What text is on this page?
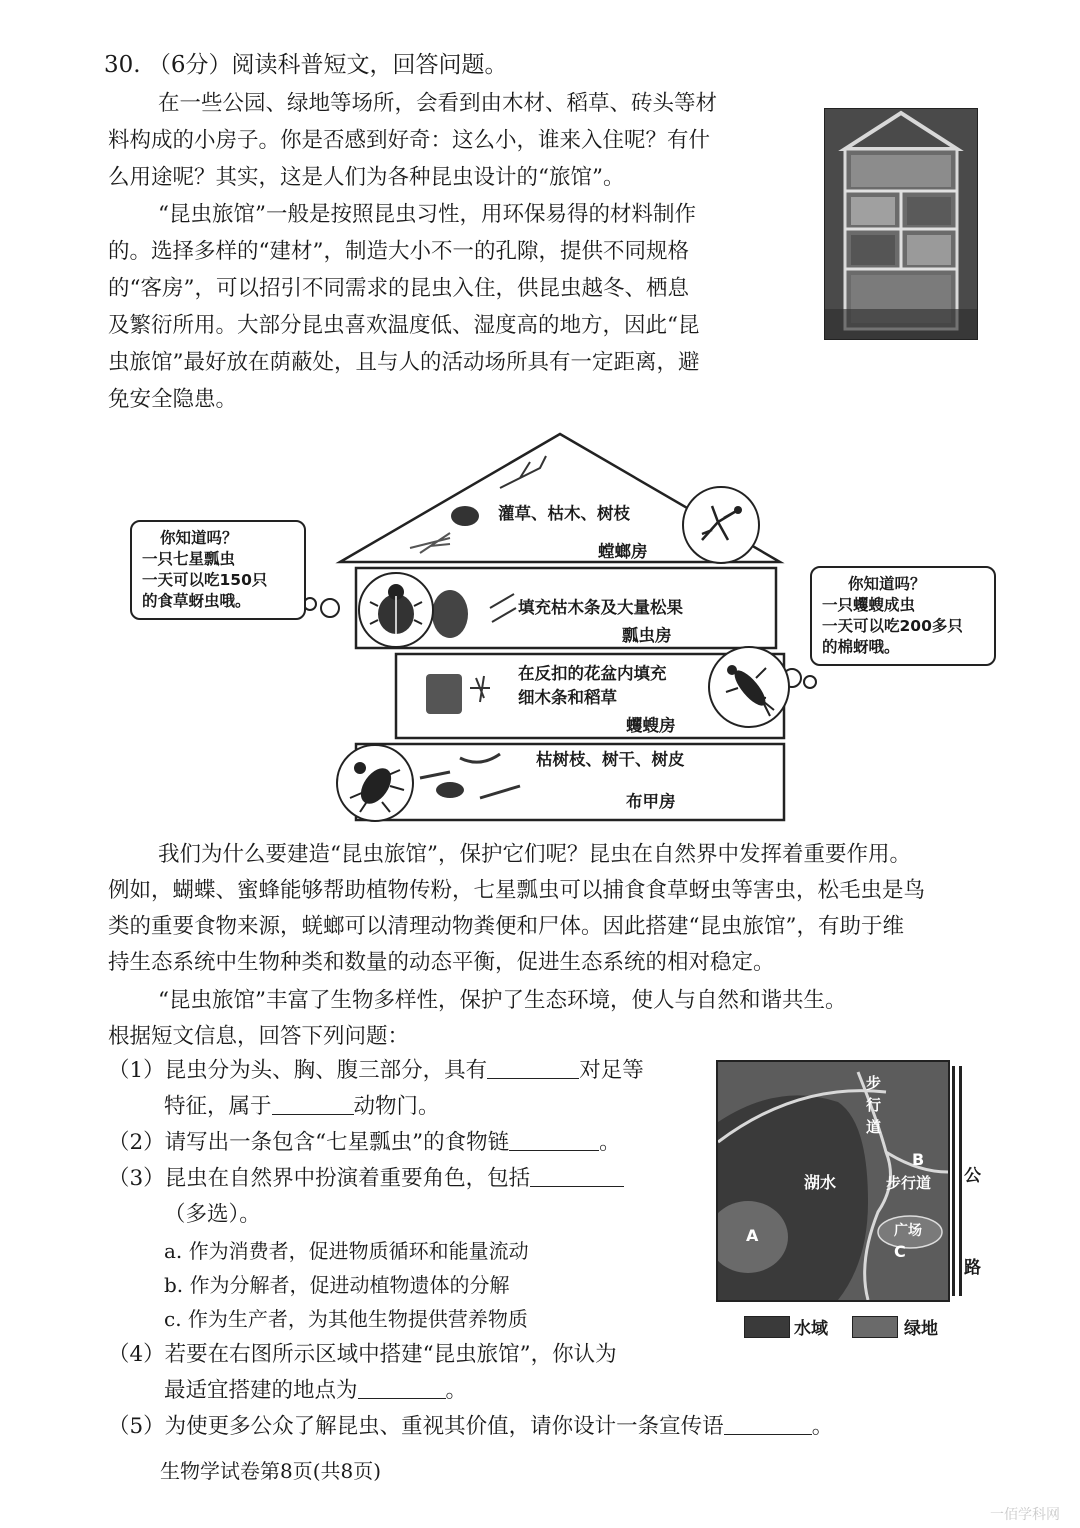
30. （6分）阅读科普短文，回答问题。
在一些公园、绿地等场所，会看到由木材、稻草、砖头等材
料构成的小房子。你是否感到好奇：这么小，谁来入住呢？有什
么用途呢？其实，这是人们为各种昆虫设计的“旅馆”。
“昆虫旅馆”一般是按照昆虫习性，用环保易得的材料制作
的。选择多样的“建材”，制造大小不一的孔隙，提供不同规格
的“客房”，可以招引不同需求的昆虫入住，供昆虫越冬、栖息
及繁衍所用。大部分昆虫喜欢温度低、湿度高的地方，因此“昆
虫旅馆”最好放在荫蔽处，且与人的活动场所具有一定距离，避
免安全隐患。
灌草、枯木、树枝
螳螂房
填充枯木条及大量松果
瓢虫房
在反扣的花盆内填充
细木条和稻草
蠼螋房
枯树枝、树干、树皮
布甲房
你知道吗？
一只七星瓢虫
一天可以吃150只
的食草蚜虫哦。
你知道吗？
一只蠼螋成虫
一天可以吃200多只
的棉蚜哦。
我们为什么要建造“昆虫旅馆”，保护它们呢？昆虫在自然界中发挥着重要作用。
例如，蝴蝶、蜜蜂能够帮助植物传粉，七星瓢虫可以捕食食草蚜虫等害虫，松毛虫是鸟
类的重要食物来源，蜣螂可以清理动物粪便和尸体。因此搭建“昆虫旅馆”，有助于维
持生态系统中生物种类和数量的动态平衡，促进生态系统的相对稳定。
“昆虫旅馆”丰富了生物多样性，保护了生态环境，使人与自然和谐共生。
根据短文信息，回答下列问题：
（1）昆虫分为头、胸、腹三部分，具有	对足等
特征，属于	动物门。
（2）请写出一条包含“七星瓢虫”的食物链	。
（3）昆虫在自然界中扮演着重要角色，包括
（多选）。
a. 作为消费者，促进物质循环和能量流动
b. 作为分解者，促进动植物遗体的分解
c. 作为生产者，为其他生物提供营养物质
（4）若要在右图所示区域中搭建“昆虫旅馆”，你认为
最适宜搭建的地点为	。
（5）为使更多公众了解昆虫、重视其价值，请你设计一条宣传语	。
湖水
步行道
步行道
广场
A
B
C
公路
水域	绿地
生物学试卷第8页(共8页)
一佰学科网
